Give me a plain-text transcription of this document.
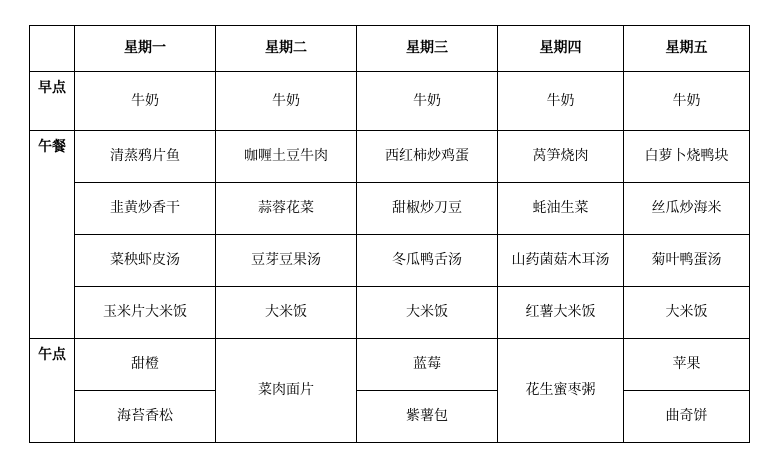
	星期一	星期二	星期三	星期四	星期五
早点	牛奶	牛奶	牛奶	牛奶	牛奶
午餐	清蒸鸦片鱼	咖喱土豆牛肉	西红柿炒鸡蛋	莴笋烧肉	白萝卜烧鸭块
	韭黄炒香干	蒜蓉花菜	甜椒炒刀豆	蚝油生菜	丝瓜炒海米
	菜秧虾皮汤	豆芽豆果汤	冬瓜鸭舌汤	山药菌菇木耳汤	菊叶鸭蛋汤
	玉米片大米饭	大米饭	大米饭	红薯大米饭	大米饭
午点	甜橙	菜肉面片	蓝莓	花生蜜枣粥	苹果
	海苔香松		紫薯包		曲奇饼
